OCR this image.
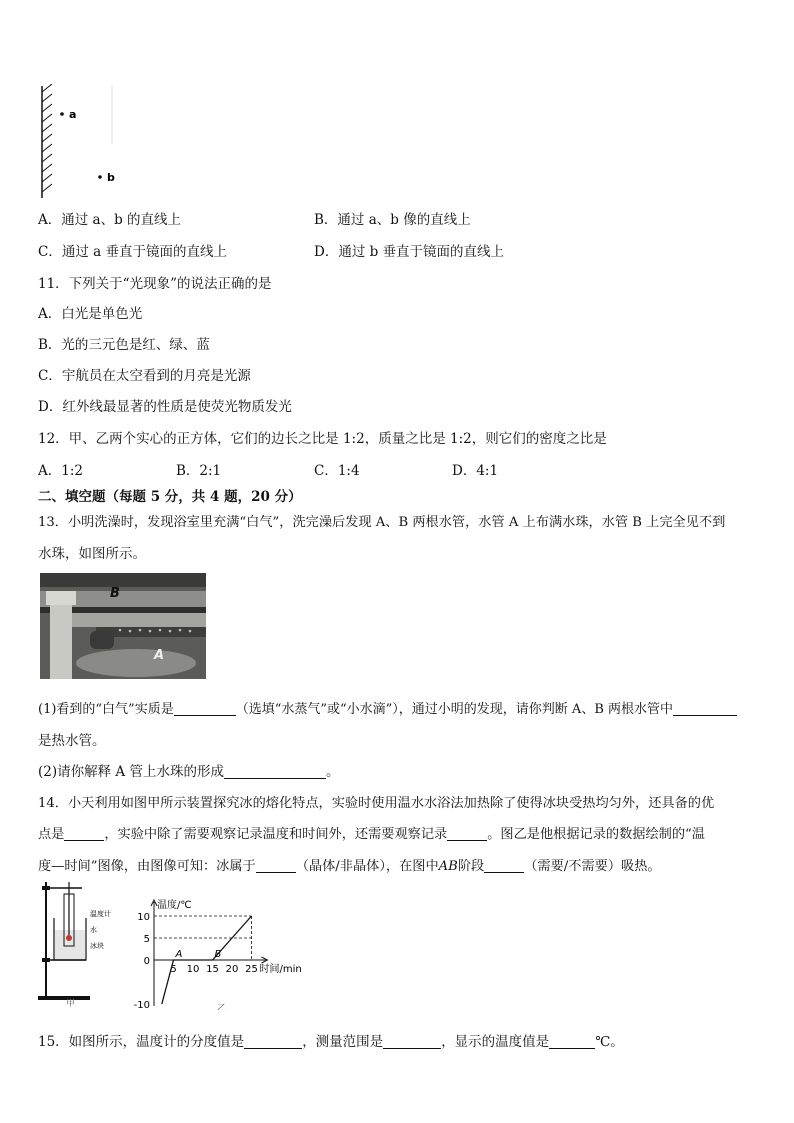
a
b
A．通过 a、b 的直线上	B．通过 a、b 像的直线上
C．通过 a 垂直于镜面的直线上	D．通过 b 垂直于镜面的直线上
11．下列关于“光现象”的说法正确的是
A．白光是单色光
B．光的三元色是红、绿、蓝
C．宇航员在太空看到的月亮是光源
D．红外线最显著的性质是使荧光物质发光
12．甲、乙两个实心的正方体，它们的边长之比是 1:2，质量之比是 1:2，则它们的密度之比是
A．1:2	B．2:1	C．1:4	D．4:1
二、填空题（每题 5 分，共 4 题，20 分）
13．小明洗澡时，发现浴室里充满“白气”，洗完澡后发现 A、B 两根水管，水管 A 上布满水珠，水管 B 上完全见不到
水珠，如图所示。
B
A
(1)看到的“白气”实质是	（选填“水蒸气”或“小水滴”），通过小明的发现，请你判断 A、B 两根水管中
是热水管。
(2)请你解释 A 管上水珠的形成	。
14．小天利用如图甲所示装置探究冰的熔化特点，实验时使用温水水浴法加热除了使得冰块受热均匀外，还具备的优
点是	，实验中除了需要观察记录温度和时间外，还需要观察记录	。图乙是他根据记录的数据绘制的“温
度—时间”图像，由图像可知：冰属于	（晶体/非晶体），在图中AB阶段	（需要/不需要）吸热。
温度计
水
冰块
甲
温度/℃
时间/min
-10
0
5
10
5 10 15 20 25
A	B
乙
15．如图所示，温度计的分度值是	，测量范围是	，显示的温度值是	℃。
